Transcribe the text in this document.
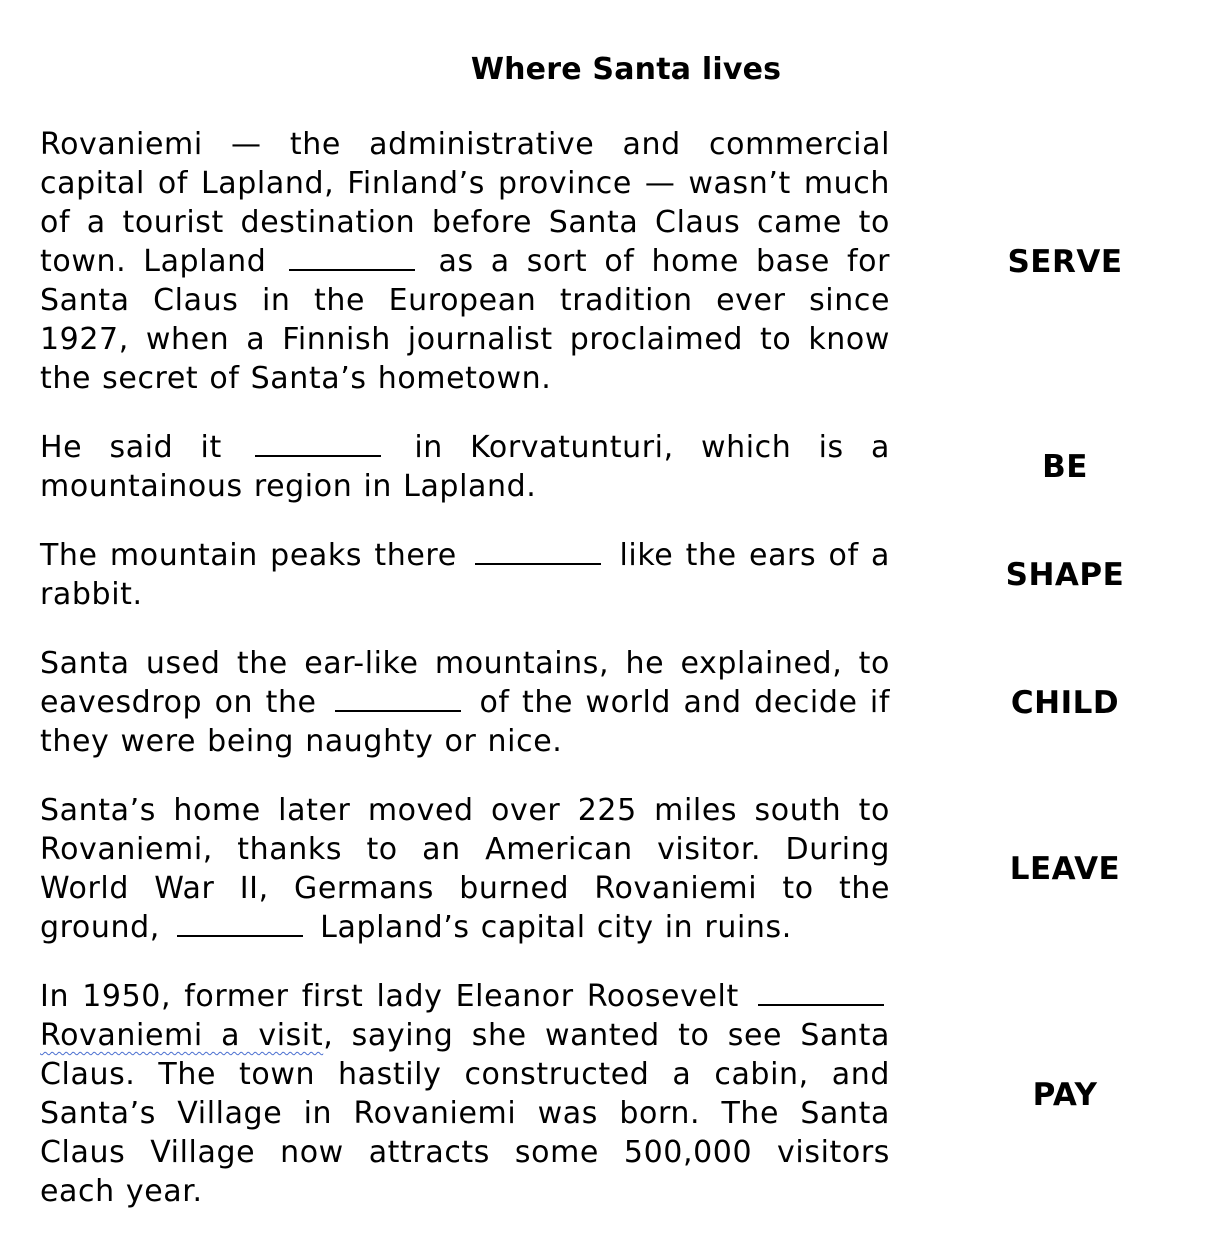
Where Santa lives
Rovaniemi — the administrative and commercial capital of Lapland, Finland’s province — wasn’t much of a tourist destination before Santa Claus came to town. Lapland	as a sort of home base for Santa Claus in the European tradition ever since 1927, when a Finnish journalist proclaimed to know the secret of Santa’s hometown.
SERVE
He said it	in Korvatunturi, which is a mountainous region in Lapland.
BE
The mountain peaks there	like the ears of a rabbit.
SHAPE
Santa used the ear-like mountains, he explained, to eavesdrop on the	of the world and decide if they were being naughty or nice.
CHILD
Santa’s home later moved over 225 miles south to Rovaniemi, thanks to an American visitor. During World War II, Germans burned Rovaniemi to the ground,	Lapland’s capital city in ruins.
LEAVE
In 1950, former first lady Eleanor Roosevelt  Rovaniemi a visit, saying she wanted to see Santa Claus. The town hastily constructed a cabin, and Santa’s Village in Rovaniemi was born. The Santa Claus Village now attracts some 500,000 visitors each year.
PAY
